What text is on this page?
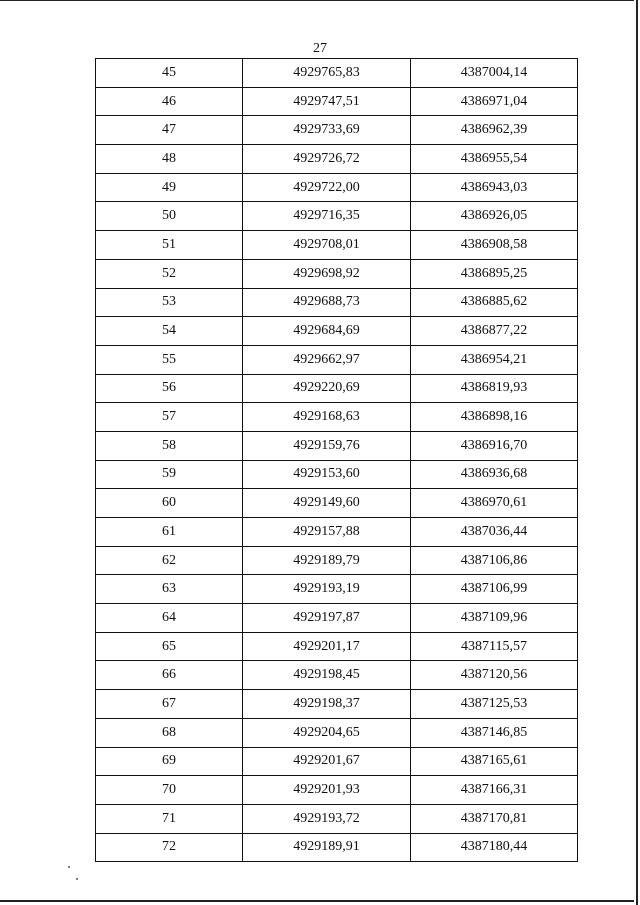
27
45	4929765,83	4387004,14
46	4929747,51	4386971,04
47	4929733,69	4386962,39
48	4929726,72	4386955,54
49	4929722,00	4386943,03
50	4929716,35	4386926,05
51	4929708,01	4386908,58
52	4929698,92	4386895,25
53	4929688,73	4386885,62
54	4929684,69	4386877,22
55	4929662,97	4386954,21
56	4929220,69	4386819,93
57	4929168,63	4386898,16
58	4929159,76	4386916,70
59	4929153,60	4386936,68
60	4929149,60	4386970,61
61	4929157,88	4387036,44
62	4929189,79	4387106,86
63	4929193,19	4387106,99
64	4929197,87	4387109,96
65	4929201,17	4387115,57
66	4929198,45	4387120,56
67	4929198,37	4387125,53
68	4929204,65	4387146,85
69	4929201,67	4387165,61
70	4929201,93	4387166,31
71	4929193,72	4387170,81
72	4929189,91	4387180,44
